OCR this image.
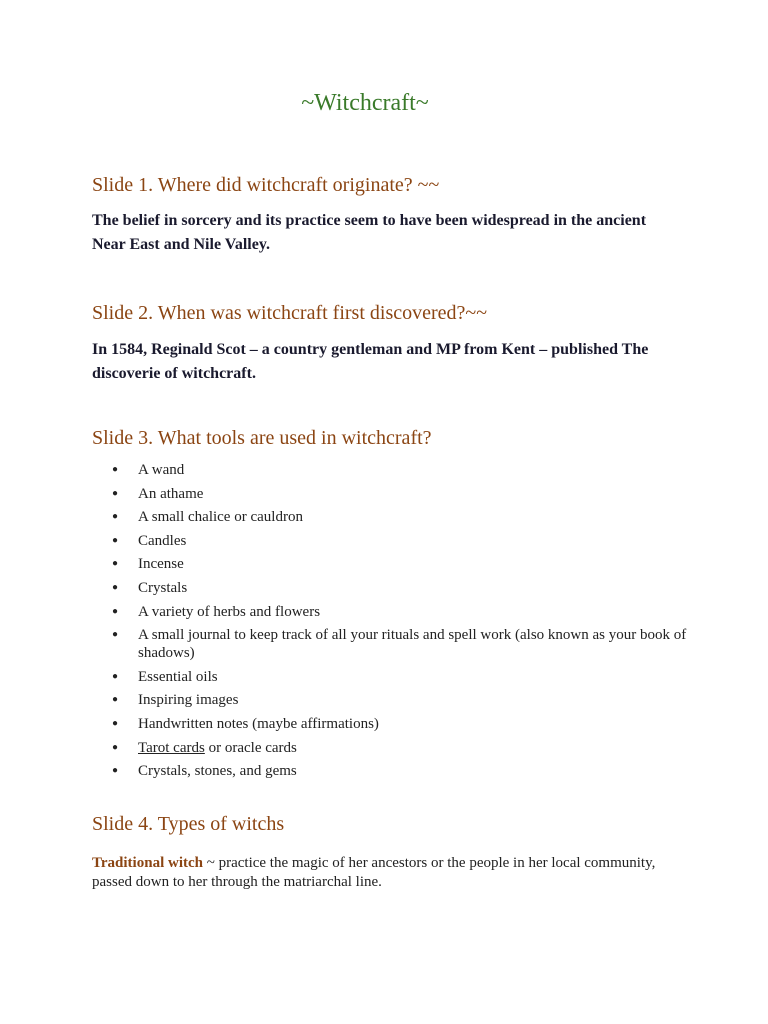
~Witchcraft~
Slide 1. Where did witchcraft originate? ~~

The belief in sorcery and its practice seem to have been widespread in the ancient Near East and Nile Valley.

Slide 2. When was witchcraft first discovered?~~

In 1584, Reginald Scot – a country gentleman and MP from Kent – published The discoverie of witchcraft.

Slide 3. What tools are used in witchcraft?
● A wand
● An athame
● A small chalice or cauldron
● Candles
● Incense
● Crystals
● A variety of herbs and flowers
● A small journal to keep track of all your rituals and spell work (also known as your book of shadows)
● Essential oils
● Inspiring images
● Handwritten notes (maybe affirmations)
● Tarot cards or oracle cards
● Crystals, stones, and gems
Slide 4. Types of witchs

Traditional witch ~ practice the magic of her ancestors or the people in her local community, passed down to her through the matriarchal line.
